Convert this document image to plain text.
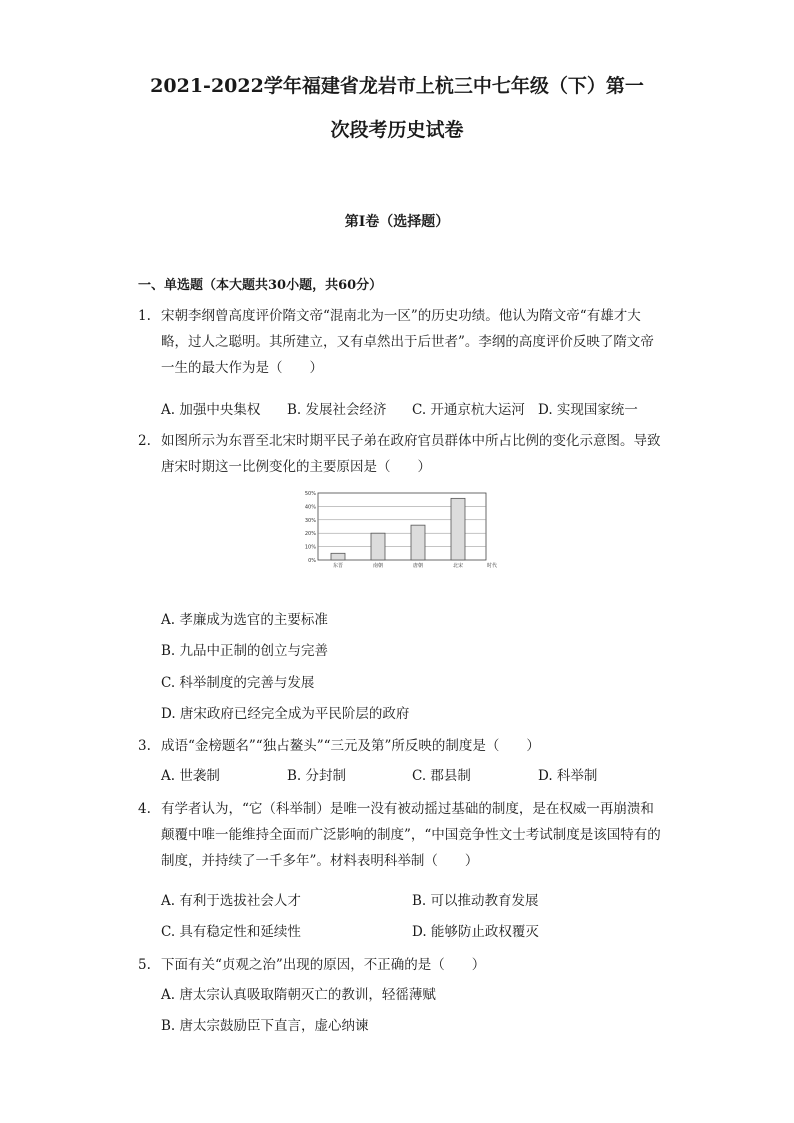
2021-2022学年福建省龙岩市上杭三中七年级（下）第一
次段考历史试卷
第I卷（选择题）
一、单选题（本大题共30小题，共60分）
1. 宋朝李纲曾高度评价隋文帝“混南北为一区”的历史功绩。他认为隋文帝“有雄才大略，过人之聪明。其所建立，又有卓然出于后世者”。李纲的高度评价反映了隋文帝一生的最大作为是（　　）
A. 加强中央集权 B. 发展社会经济 C. 开通京杭大运河 D. 实现国家统一
2. 如图所示为东晋至北宋时期平民子弟在政府官员群体中所占比例的变化示意图。导致唐宋时期这一比例变化的主要原因是（　　）
50%
40%
30%
20%
10%
0%
东晋	南朝	唐朝	北宋	时代
A. 孝廉成为选官的主要标准
B. 九品中正制的创立与完善
C. 科举制度的完善与发展
D. 唐宋政府已经完全成为平民阶层的政府
3. 成语“金榜题名”“独占鳌头”“三元及第”所反映的制度是（　　）
A. 世袭制	B. 分封制	C. 郡县制	D. 科举制
4. 有学者认为，“它（科举制）是唯一没有被动摇过基础的制度，是在权威一再崩溃和颠覆中唯一能维持全面而广泛影响的制度”，“中国竞争性文士考试制度是该国特有的制度，并持续了一千多年”。材料表明科举制（　　）
A. 有利于选拔社会人才	B. 可以推动教育发展
C. 具有稳定性和延续性	D. 能够防止政权覆灭
5. 下面有关“贞观之治”出现的原因，不正确的是（　　）
A. 唐太宗认真吸取隋朝灭亡的教训，轻徭薄赋
B. 唐太宗鼓励臣下直言，虚心纳谏
